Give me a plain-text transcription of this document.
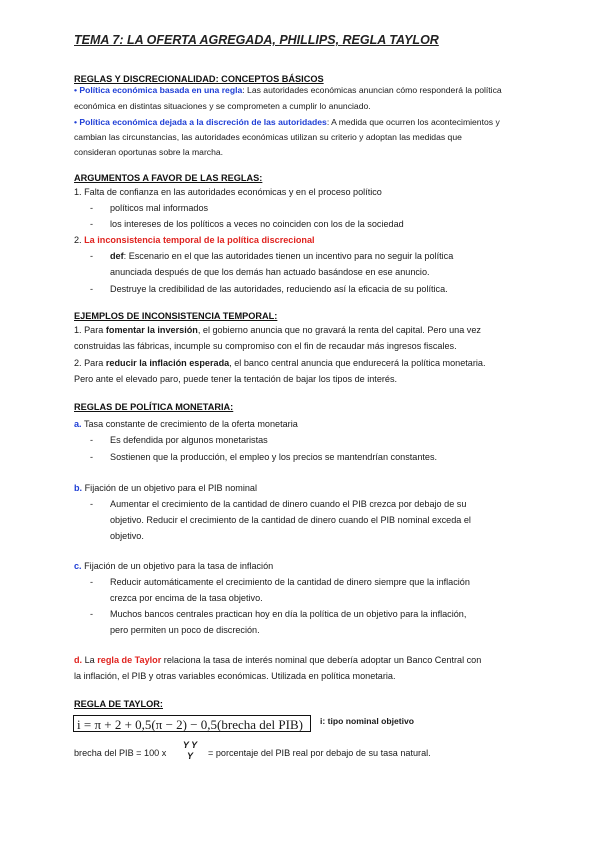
TEMA 7: LA OFERTA AGREGADA, PHILLIPS, REGLA TAYLOR
REGLAS Y DISCRECIONALIDAD: CONCEPTOS BÁSICOS
• Política económica basada en una regla: Las autoridades económicas anuncian cómo responderá la política
económica en distintas situaciones y se comprometen a cumplir lo anunciado.
• Política económica dejada a la discreción de las autoridades: A medida que ocurren los acontecimientos y
cambian las circunstancias, las autoridades económicas utilizan su criterio y adoptan las medidas que
consideran oportunas sobre la marcha.
ARGUMENTOS A FAVOR DE LAS REGLAS:
1. Falta de confianza en las autoridades económicas y en el proceso político
- políticos mal informados
- los intereses de los políticos a veces no coinciden con los de la sociedad
2. La inconsistencia temporal de la política discrecional
- def: Escenario en el que las autoridades tienen un incentivo para no seguir la política
anunciada después de que los demás han actuado basándose en ese anuncio.
- Destruye la credibilidad de las autoridades, reduciendo así la eficacia de su política.
EJEMPLOS DE INCONSISTENCIA TEMPORAL:
1. Para fomentar la inversión, el gobierno anuncia que no gravará la renta del capital. Pero una vez
construidas las fábricas, incumple su compromiso con el fin de recaudar más ingresos fiscales.
2. Para reducir la inflación esperada, el banco central anuncia que endurecerá la política monetaria.
Pero ante el elevado paro, puede tener la tentación de bajar los tipos de interés.
REGLAS DE POLÍTICA MONETARIA:
a. Tasa constante de crecimiento de la oferta monetaria
- Es defendida por algunos monetaristas
- Sostienen que la producción, el empleo y los precios se mantendrían constantes.
b. Fijación de un objetivo para el PIB nominal
- Aumentar el crecimiento de la cantidad de dinero cuando el PIB crezca por debajo de su
objetivo. Reducir el crecimiento de la cantidad de dinero cuando el PIB nominal exceda el
objetivo.
c. Fijación de un objetivo para la tasa de inflación
- Reducir automáticamente el crecimiento de la cantidad de dinero siempre que la inflación
crezca por encima de la tasa objetivo.
- Muchos bancos centrales practican hoy en día la política de un objetivo para la inflación,
pero permiten un poco de discreción.
d. La regla de Taylor relaciona la tasa de interés nominal que debería adoptar un Banco Central con
la inflación, el PIB y otras variables económicas. Utilizada en política monetaria.
REGLA DE TAYLOR:
i = π + 2 + 0,5(π − 2) − 0,5(brecha del PIB)	i: tipo nominal objetivo
brecha del PIB = 100 x
Y Y
Y	= porcentaje del PIB real por debajo de su tasa natural.
